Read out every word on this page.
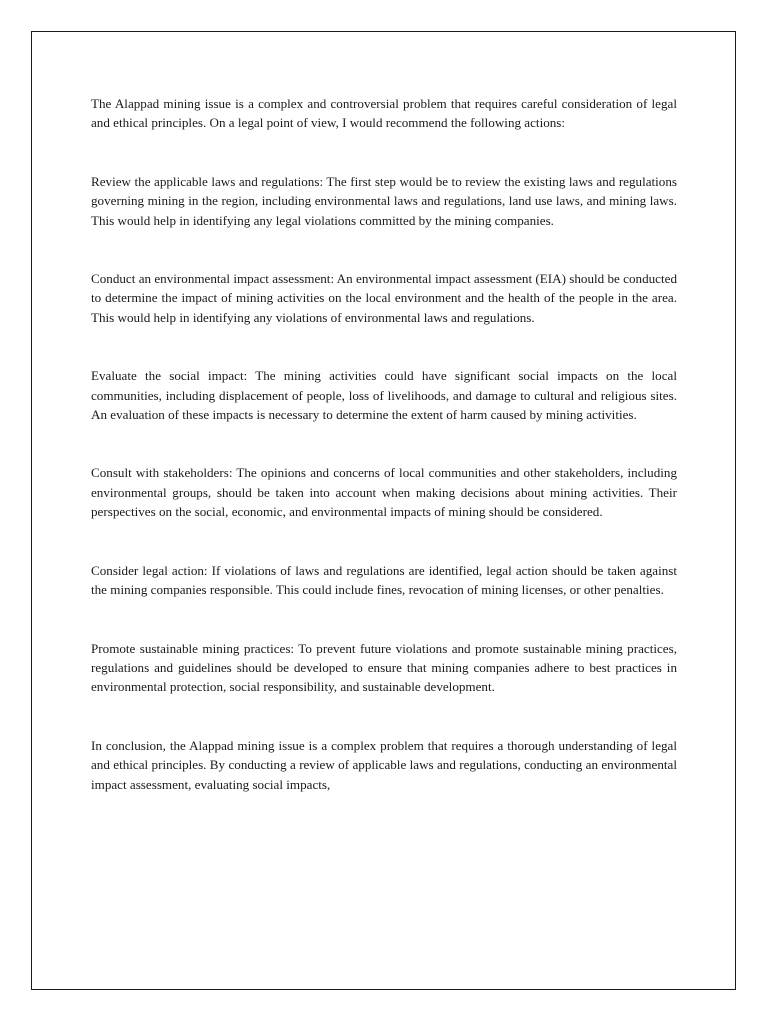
The Alappad mining issue is a complex and controversial problem that requires careful consideration of legal and ethical principles. On a legal point of view, I would recommend the following actions:

Review the applicable laws and regulations: The first step would be to review the existing laws and regulations governing mining in the region, including environmental laws and regulations, land use laws, and mining laws. This would help in identifying any legal violations committed by the mining companies.

Conduct an environmental impact assessment: An environmental impact assessment (EIA) should be conducted to determine the impact of mining activities on the local environment and the health of the people in the area. This would help in identifying any violations of environmental laws and regulations.

Evaluate the social impact: The mining activities could have significant social impacts on the local communities, including displacement of people, loss of livelihoods, and damage to cultural and religious sites. An evaluation of these impacts is necessary to determine the extent of harm caused by mining activities.

Consult with stakeholders: The opinions and concerns of local communities and other stakeholders, including environmental groups, should be taken into account when making decisions about mining activities. Their perspectives on the social, economic, and environmental impacts of mining should be considered.

Consider legal action: If violations of laws and regulations are identified, legal action should be taken against the mining companies responsible. This could include fines, revocation of mining licenses, or other penalties.

Promote sustainable mining practices: To prevent future violations and promote sustainable mining practices, regulations and guidelines should be developed to ensure that mining companies adhere to best practices in environmental protection, social responsibility, and sustainable development.

In conclusion, the Alappad mining issue is a complex problem that requires a thorough understanding of legal and ethical principles. By conducting a review of applicable laws and regulations, conducting an environmental impact assessment, evaluating social impacts,
